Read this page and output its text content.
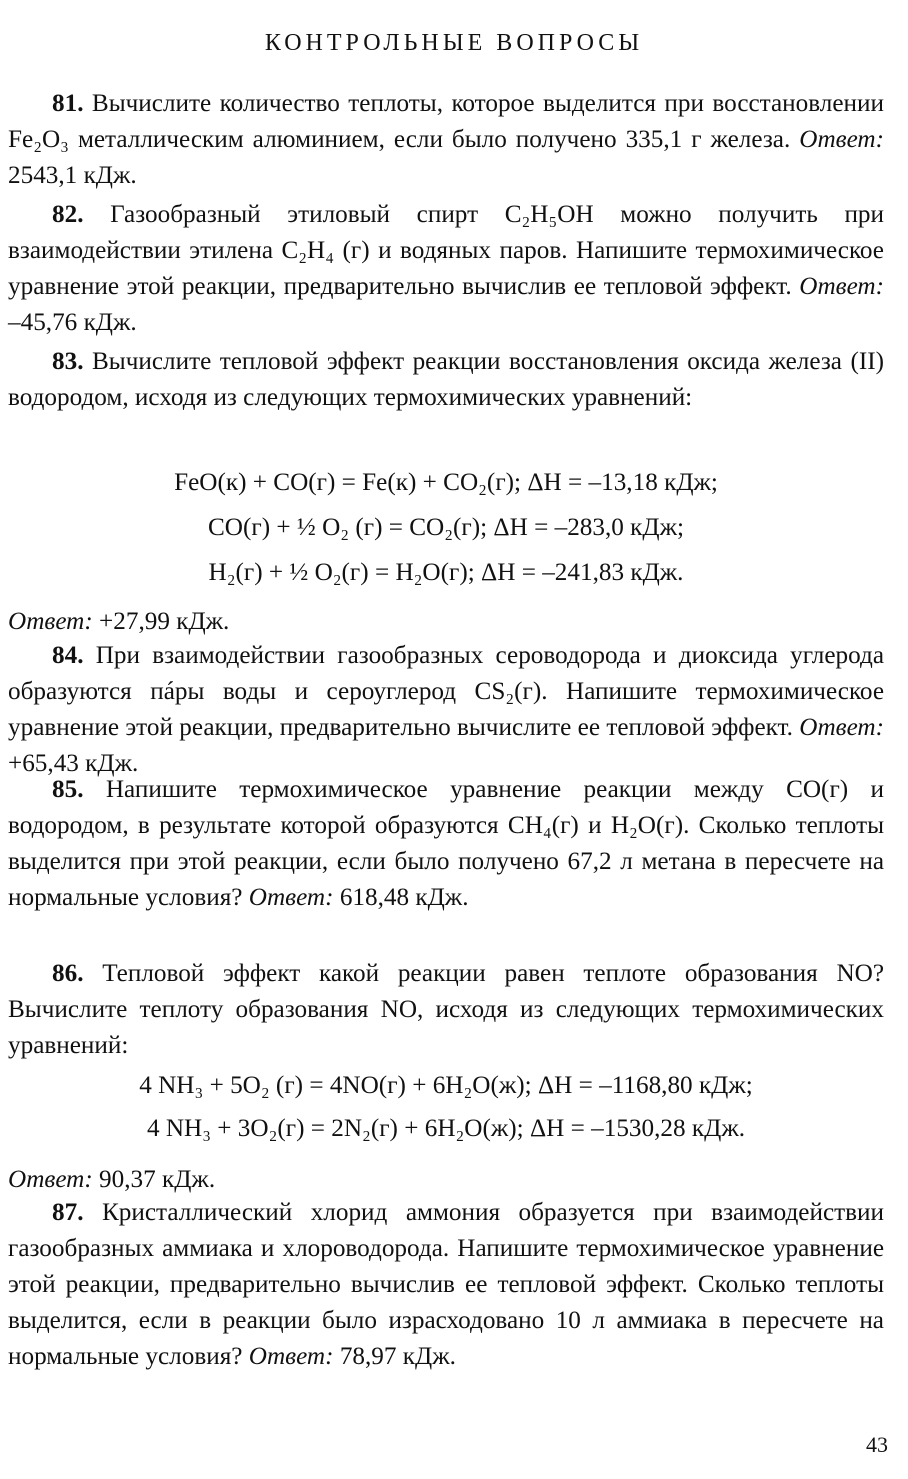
КОНТРОЛЬНЫЕ ВОПРОСЫ

81. Вычислите количество теплоты, которое выделится при восстановлении Fe₂O₃ металлическим алюминием, если было получено 335,1 г железа. Ответ: 2543,1 кДж.

82. Газообразный этиловый спирт C₂H₅OH можно получить при взаимодействии этилена C₂H₄ (г) и водяных паров. Напишите термохимическое уравнение этой реакции, предварительно вычислив ее тепловой эффект. Ответ: –45,76 кДж.

83. Вычислите тепловой эффект реакции восстановления оксида железа (II) водородом, исходя из следующих термохимических уравнений:

FeO(к) + CO(г) = Fe(к) + CO₂(г); ΔH = –13,18 кДж;

CO(г) + ½ O₂ (г) = CO₂(г); ΔH = –283,0 кДж;

H₂(г) + ½ O₂(г) = H₂O(г); ΔH = –241,83 кДж.

Ответ: +27,99 кДж.

84. При взаимодействии газообразных сероводорода и диоксида углерода образуются пáры воды и сероуглерод CS₂(г). Напишите термохимическое уравнение этой реакции, предварительно вычислите ее тепловой эффект. Ответ: +65,43 кДж.

85. Напишите термохимическое уравнение реакции между CO(г) и водородом, в результате которой образуются CH₄(г) и H₂O(г). Сколько теплоты выделится при этой реакции, если было получено 67,2 л метана в пересчете на нормальные условия? Ответ: 618,48 кДж.

86. Тепловой эффект какой реакции равен теплоте образования NO? Вычислите теплоту образования NO, исходя из следующих термохимических уравнений:

4 NH₃ + 5O₂ (г) = 4NO(г) + 6H₂O(ж); ΔH = –1168,80 кДж;

4 NH₃ + 3O₂(г) = 2N₂(г) + 6H₂O(ж); ΔH = –1530,28 кДж.

Ответ: 90,37 кДж.

87. Кристаллический хлорид аммония образуется при взаимодействии газообразных аммиака и хлороводорода. Напишите термохимическое уравнение этой реакции, предварительно вычислив ее тепловой эффект. Сколько теплоты выделится, если в реакции было израсходовано 10 л аммиака в пересчете на нормальные условия? Ответ: 78,97 кДж.

43
